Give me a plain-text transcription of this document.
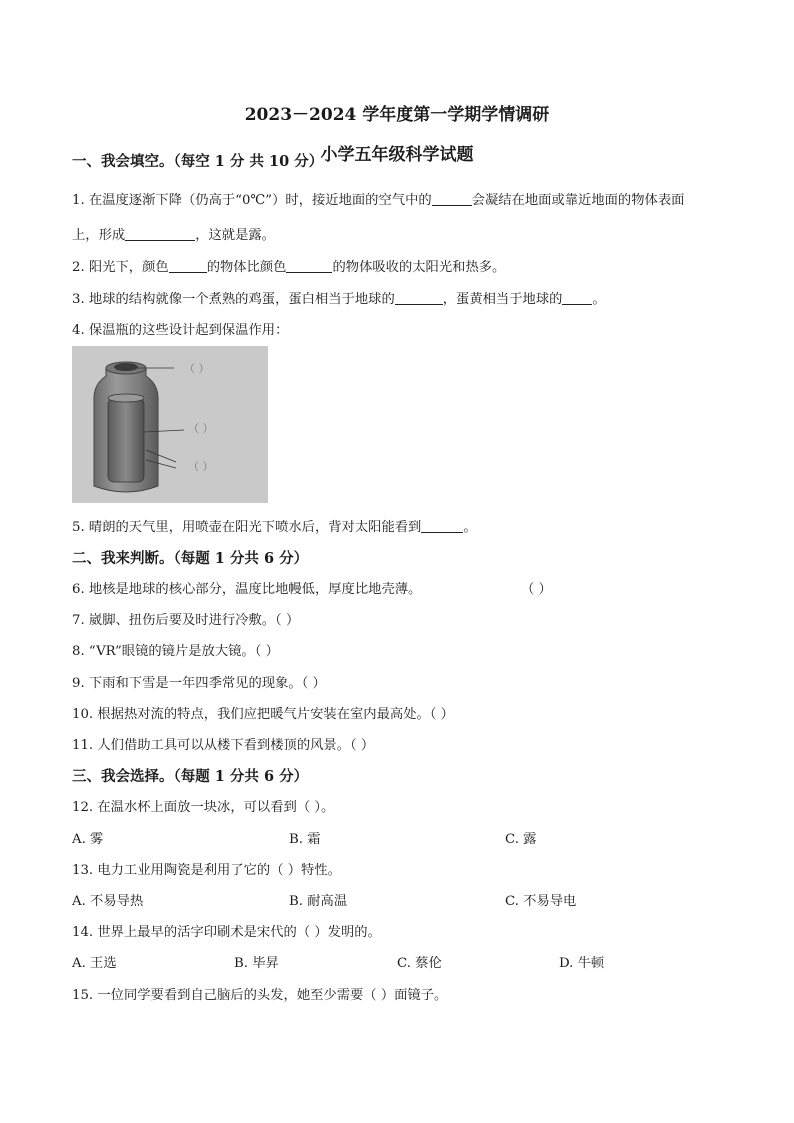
2023－2024 学年度第一学期学情调研
小学五年级科学试题
一、我会填空。（每空 1 分 共 10 分）
1. 在温度逐渐下降（仍高于“0℃”）时，接近地面的空气中的	会凝结在地面或靠近地面的物体表面
上，形成	，这就是露。
2. 阳光下，颜色	的物体比颜色	的物体吸收的太阳光和热多。
3. 地球的结构就像一个煮熟的鸡蛋，蛋白相当于地球的	，蛋黄相当于地球的 。
4. 保温瓶的这些设计起到保温作用：
（ ）
（ ）
（ ）
5. 晴朗的天气里，用喷壶在阳光下喷水后，背对太阳能看到	。
二、我来判断。（每题 1 分共 6 分）
6. 地核是地球的核心部分，温度比地幔低，厚度比地壳薄。	（ ）
7. 崴脚、扭伤后要及时进行冷敷。（ ）
8. “VR”眼镜的镜片是放大镜。（ ）
9. 下雨和下雪是一年四季常见的现象。（ ）
10. 根据热对流的特点，我们应把暖气片安装在室内最高处。（ ）
11. 人们借助工具可以从楼下看到楼顶的风景。（ ）
三、我会选择。（每题 1 分共 6 分）
12. 在温水杯上面放一块冰，可以看到（ ）。
A. 雾	B. 霜	C. 露
13. 电力工业用陶瓷是利用了它的（ ）特性。
A. 不易导热	B. 耐高温	C. 不易导电
14. 世界上最早的活字印刷术是宋代的（ ）发明的。
A. 王选	B. 毕昇	C. 蔡伦	D. 牛顿
15. 一位同学要看到自己脑后的头发，她至少需要（ ）面镜子。
